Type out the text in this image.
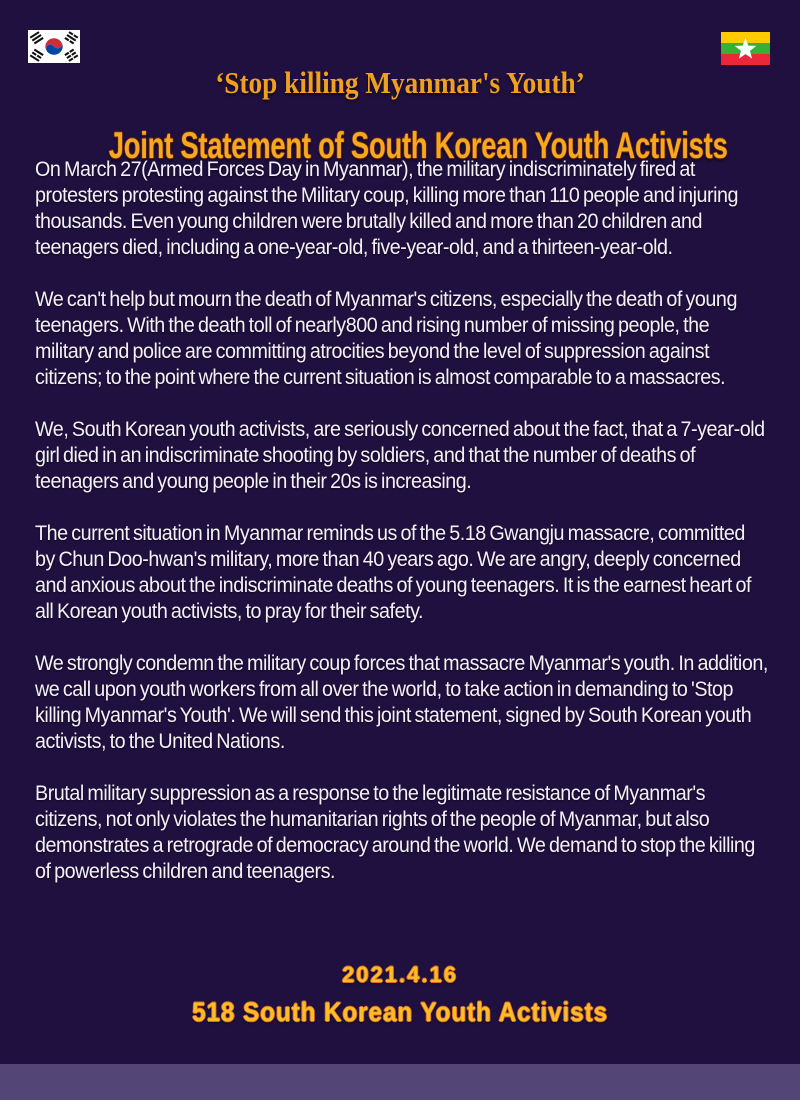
‘Stop killing Myanmar's Youth’
Joint Statement of South Korean Youth Activists

On March 27(Armed Forces Day in Myanmar), the military indiscriminately fired at protesters protesting against the Military coup, killing more than 110 people and injuring thousands. Even young children were brutally killed and more than 20 children and teenagers died, including a one-year-old, five-year-old, and a thirteen-year-old.

We can't help but mourn the death of Myanmar's citizens, especially the death of young teenagers. With the death toll of nearly800 and rising number of missing people, the military and police are committing atrocities beyond the level of suppression against citizens; to the point where the current situation is almost comparable to a massacres.

We, South Korean youth activists, are seriously concerned about the fact, that a 7-year-old girl died in an indiscriminate shooting by soldiers, and that the number of deaths of teenagers and young people in their 20s is increasing.

The current situation in Myanmar reminds us of the 5.18 Gwangju massacre, committed by Chun Doo-hwan's military, more than 40 years ago. We are angry, deeply concerned and anxious about the indiscriminate deaths of young teenagers. It is the earnest heart of all Korean youth activists, to pray for their safety.

We strongly condemn the military coup forces that massacre Myanmar's youth. In addition, we call upon youth workers from all over the world, to take action in demanding to 'Stop killing Myanmar's Youth'. We will send this joint statement, signed by South Korean youth activists, to the United Nations.

Brutal military suppression as a response to the legitimate resistance of Myanmar's citizens, not only violates the humanitarian rights of the people of Myanmar, but also demonstrates a retrograde of democracy around the world. We demand to stop the killing of powerless children and teenagers.

2021.4.16
518 South Korean Youth Activists
